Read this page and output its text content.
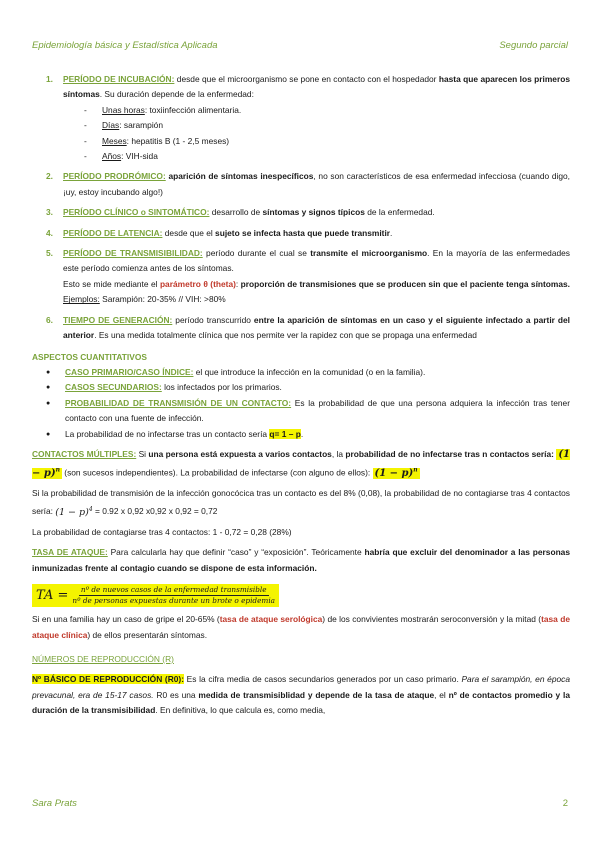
Epidemiología básica y Estadística Aplicada	Segundo parcial
1. PERÍODO DE INCUBACIÓN: desde que el microorganismo se pone en contacto con el hospedador hasta que aparecen los primeros síntomas. Su duración depende de la enfermedad:
- Unas horas: toxiinfección alimentaria.
- Días: sarampión
- Meses: hepatitis B (1 - 2,5 meses)
- Años: VIH-sida
2. PERÍODO PRODRÓMICO: aparición de síntomas inespecíficos, no son característicos de esa enfermedad infecciosa (cuando digo, ¡uy, estoy incubando algo!)
3. PERÍODO CLÍNICO o SINTOMÁTICO: desarrollo de síntomas y signos típicos de la enfermedad.
4. PERÍODO DE LATENCIA: desde que el sujeto se infecta hasta que puede transmitir.
5. PERÍODO DE TRANSMISIBILIDAD: período durante el cual se transmite el microorganismo. En la mayoría de las enfermedades este período comienza antes de los síntomas.
Esto se mide mediante el parámetro θ (theta): proporción de transmisiones que se producen sin que el paciente tenga síntomas. Ejemplos: Sarampión: 20-35% // VIH: >80%
6. TIEMPO DE GENERACIÓN: período transcurrido entre la aparición de síntomas en un caso y el siguiente infectado a partir del anterior. Es una medida totalmente clínica que nos permite ver la rapidez con que se propaga una enfermedad
ASPECTOS CUANTITATIVOS
● CASO PRIMARIO/CASO ÍNDICE: el que introduce la infección en la comunidad (o en la familia).
● CASOS SECUNDARIOS: los infectados por los primarios.
● PROBABILIDAD DE TRANSMISIÓN DE UN CONTACTO: Es la probabilidad de que una persona adquiera la infección tras tener contacto con una fuente de infección.
● La probabilidad de no infectarse tras un contacto sería q= 1 – p.
CONTACTOS MÚLTIPLES: Si una persona está expuesta a varios contactos, la probabilidad de no infectarse tras n contactos sería: $(1 - p)^n$ (son sucesos independientes). La probabilidad de infectarse (con alguno de ellos): $(1 - p)^n$
Si la probabilidad de transmisión de la infección gonocócica tras un contacto es del 8% (0,08), la probabilidad de no contagiarse tras 4 contactos sería: $(1 - p)^4 = 0.92$ x 0,92 x0,92 x 0,92 = 0,72
La probabilidad de contagiarse tras 4 contactos: 1 - 0,72 = 0,28 (28%)
TASA DE ATAQUE: Para calcularla hay que definir “caso” y “exposición”. Teóricamente habría que excluir del denominador a las personas inmunizadas frente al contagio cuando se dispone de esta información.
TA = $\frac{\text{nº de nuevos casos de la enfermedad transmisible}}{\text{nº de personas expuestas durante un brote o epidemia}}$
Si en una familia hay un caso de gripe el 20-65% (tasa de ataque serológica) de los convivientes mostrarán seroconversión y la mitad (tasa de ataque clínica) de ellos presentarán síntomas.
NÚMEROS DE REPRODUCCIÓN (R)
Nº BÁSICO DE REPRODUCCIÓN (R0): Es la cifra media de casos secundarios generados por un caso primario. Para el sarampión, en época prevacunal, era de 15-17 casos. R0 es una medida de transmisiblidad y depende de la tasa de ataque, el nº de contactos promedio y la duración de la transmisibilidad. En definitiva, lo que calcula es, como media,
Sara Prats	2
